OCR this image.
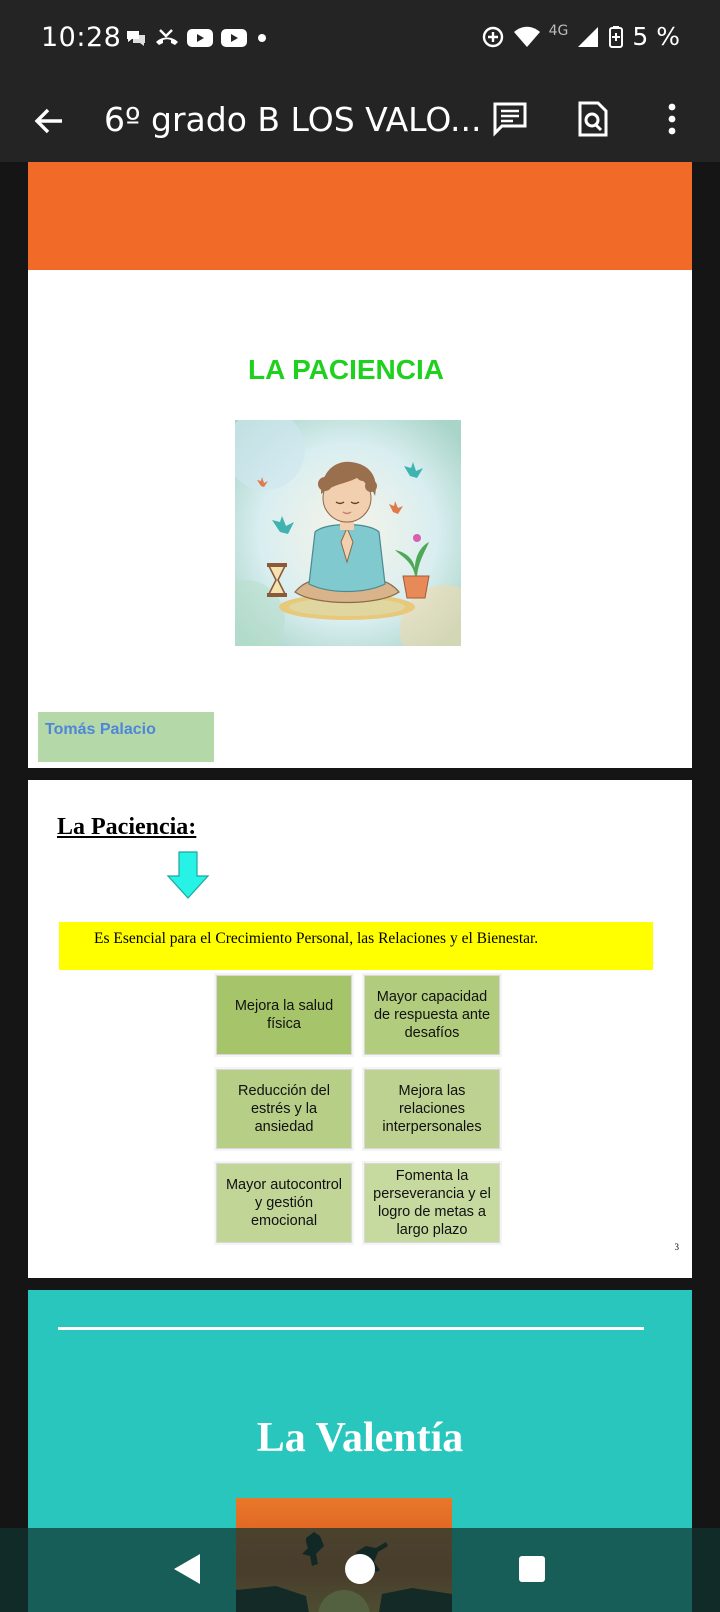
10:28	4G	5 %
6º grado B LOS VALO...
LA PACIENCIA
Tomás Palacio
La Paciencia:
Es Esencial para el Crecimiento Personal, las Relaciones y el Bienestar.
Mejora la salud física
Mayor capacidad de respuesta ante desafíos
Reducción del estrés y la ansiedad
Mejora las relaciones interpersonales
Mayor autocontrol y gestión emocional
Fomenta la perseverancia y el logro de metas a largo plazo
3
La Valentía
